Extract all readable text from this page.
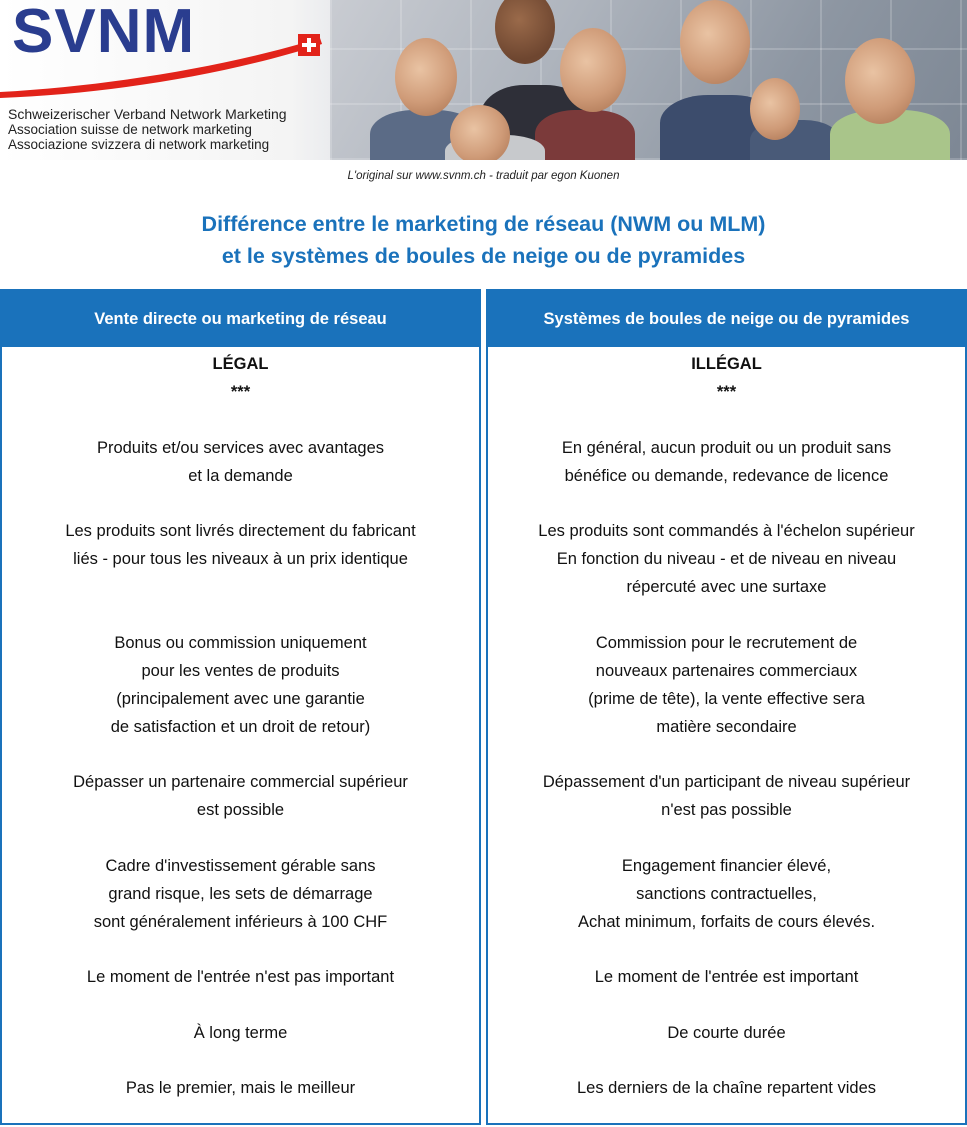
SVNM
Schweizerischer Verband Network Marketing
Association suisse de network marketing
Associazione svizzera di network marketing
L'original sur www.svnm.ch - traduit par egon Kuonen
Différence entre le marketing de réseau (NWM ou MLM)
et le systèmes de boules de neige ou de pyramides
Vente directe ou marketing de réseau
LÉGAL
***
Produits et/ou services avec avantages
et la demande
Les produits sont livrés directement du fabricant
liés - pour tous les niveaux à un prix identique
Bonus ou commission uniquement
pour les ventes de produits
(principalement avec une garantie
de satisfaction et un droit de retour)
Dépasser un partenaire commercial supérieur
est possible
Cadre d'investissement gérable sans
grand risque, les sets de démarrage
sont généralement inférieurs à 100 CHF
Le moment de l'entrée n'est pas important
À long terme
Pas le premier, mais le meilleur
Systèmes de boules de neige ou de pyramides
ILLÉGAL
***
En général, aucun produit ou un produit sans
bénéfice ou demande, redevance de licence
Les produits sont commandés à l'échelon supérieur
En fonction du niveau - et de niveau en niveau
répercuté avec une surtaxe
Commission pour le recrutement de
nouveaux partenaires commerciaux
(prime de tête), la vente effective sera
matière secondaire
Dépassement d'un participant de niveau supérieur
n'est pas possible
Engagement financier élevé,
sanctions contractuelles,
Achat minimum, forfaits de cours élevés.
Le moment de l'entrée est important
De courte durée
Les derniers de la chaîne repartent vides
